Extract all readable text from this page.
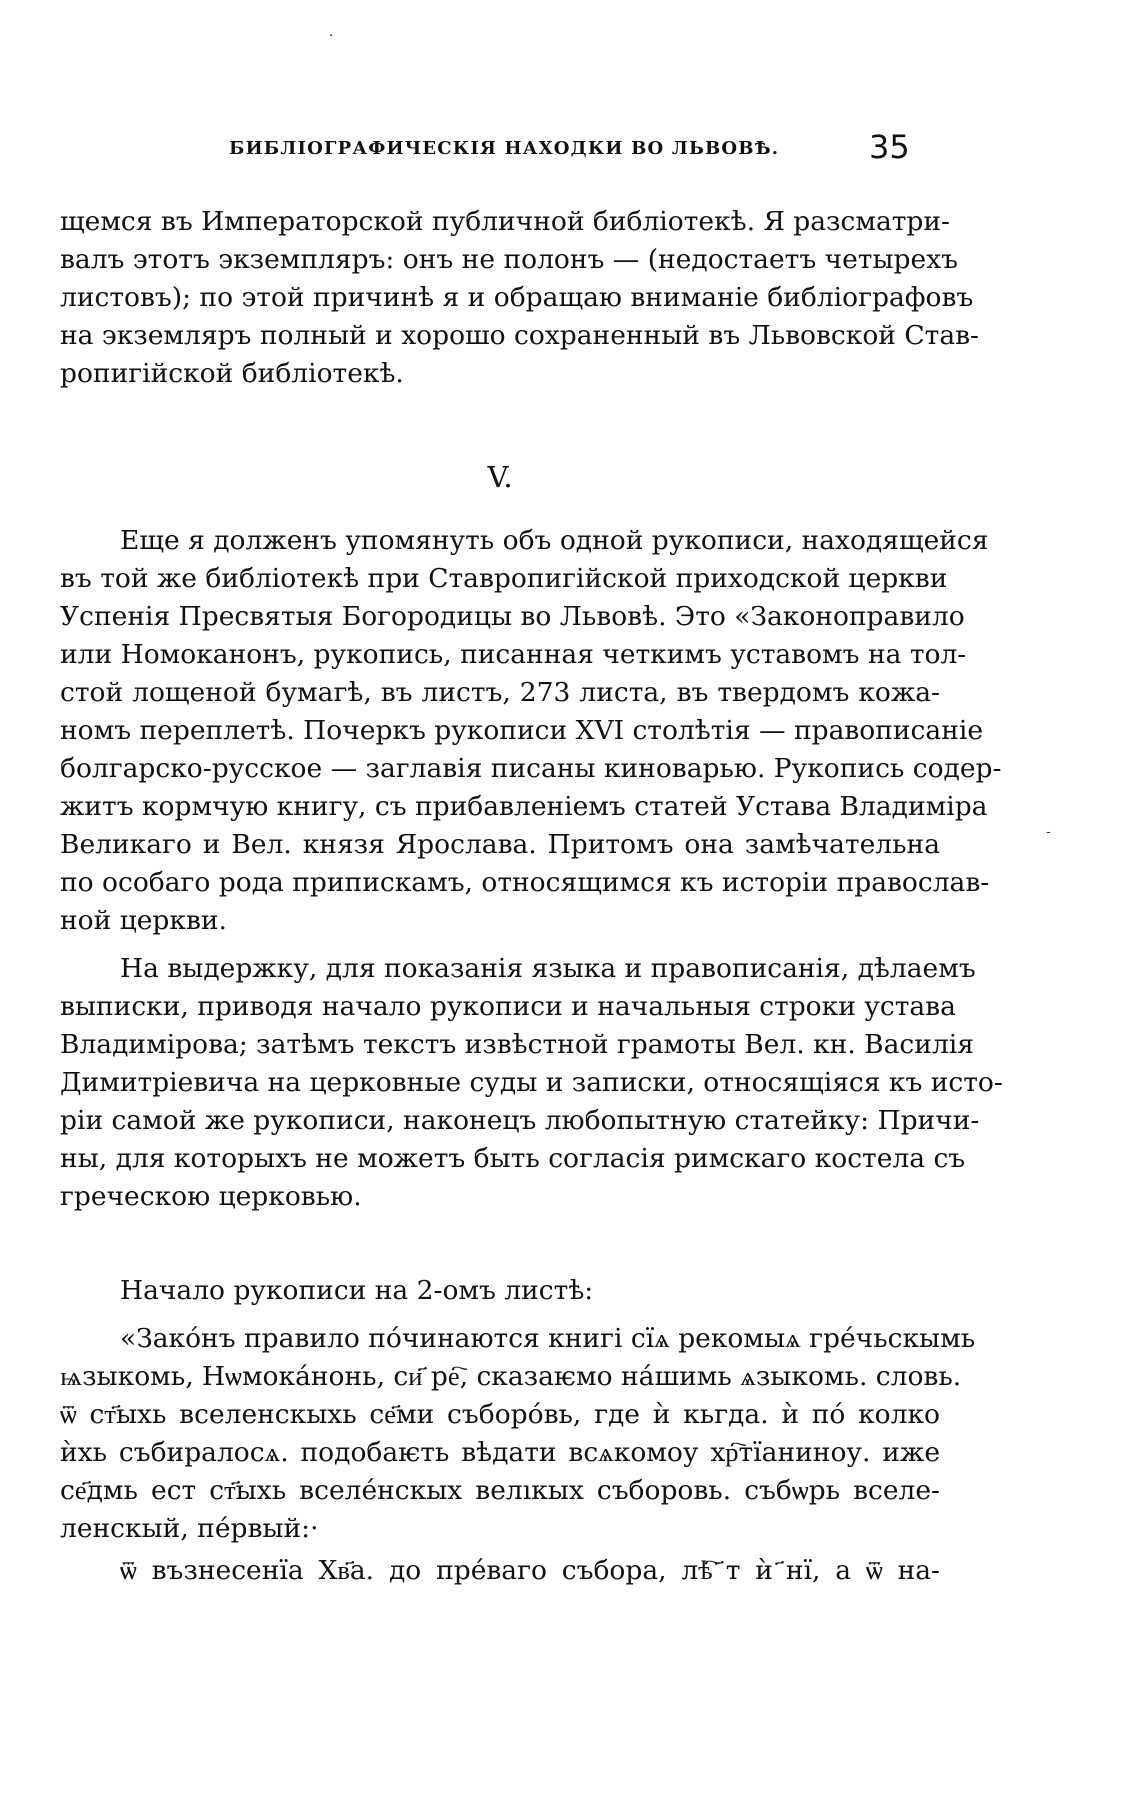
·
-
БИБЛІОГРАФИЧЕСКІЯ НАХОДКИ ВО ЛЬВОВѢ.	35
щемся въ Императорской публичной библіотекѣ. Я разсматри-
валъ этотъ экземпляръ: онъ не полонъ — (недостаетъ четырехъ
листовъ); по этой причинѣ я и обращаю вниманіе библіографовъ
на экземляръ полный и хорошо сохраненный въ Львовской Став-
ропигійской библіотекѣ.
V.
Еще я долженъ упомянуть объ одной рукописи, находящейся
въ той же библіотекѣ при Ставропигійской приходской церкви
Успенія Пресвятыя Богородицы во Львовѣ. Это «Законоправило
или Номоканонъ, рукопись, писанная четкимъ уставомъ на тол-
стой лощеной бумагѣ, въ листъ, 273 листа, въ твердомъ кожа-
номъ переплетѣ. Почеркъ рукописи XVI столѣтія — правописаніе
болгарско-русское — заглавія писаны киноварью. Рукопись содер-
житъ кормчую книгу, съ прибавленіемъ статей Устава Владиміра
Великаго и Вел. князя Ярослава. Притомъ она замѣчательна
по особаго рода припискамъ, относящимся къ исторіи православ-
ной церкви.
На выдержку, для показанія языка и правописанія, дѣлаемъ
выписки, приводя начало рукописи и начальныя строки устава
Владимірова; затѣмъ текстъ извѣстной грамоты Вел. кн. Василія
Димитріевича на церковные суды и записки, относящіяся къ исто-
ріи самой же рукописи, наконецъ любопытную статейку: Причи-
ны, для которыхъ не можетъ быть согласія римскаго костела съ
греческою церковью.
Начало рукописи на 2-омъ листѣ:
«Зако́нъ правило по́чинаются книгі сїѧ рекомыѧ гре́чьскымь
ѩзыкомь, Нѡмока́нонь, си҃ ре҇, сказаѥмо на́шимь ѧзыкомь. словь.
ѿ ст҃ыхь вселенскыхь се҃ми съборо́вь, где ѝ кьгда. ѝ по́ колко
ѝхь събиралосѧ. подобаѥть вѣдати всѧкомоу хр҇тїанинoу. иже
се҃дмь ест ст҃ыхь вселе́нскых велıкых съборовь. събѡрь вселе-
ленскый, пе́рвый:·
ѿ възнесенїа Хв҃а. до пре́ваго събора, лѣ҇ ҃т ѝ ҃нї, а ѿ на-
